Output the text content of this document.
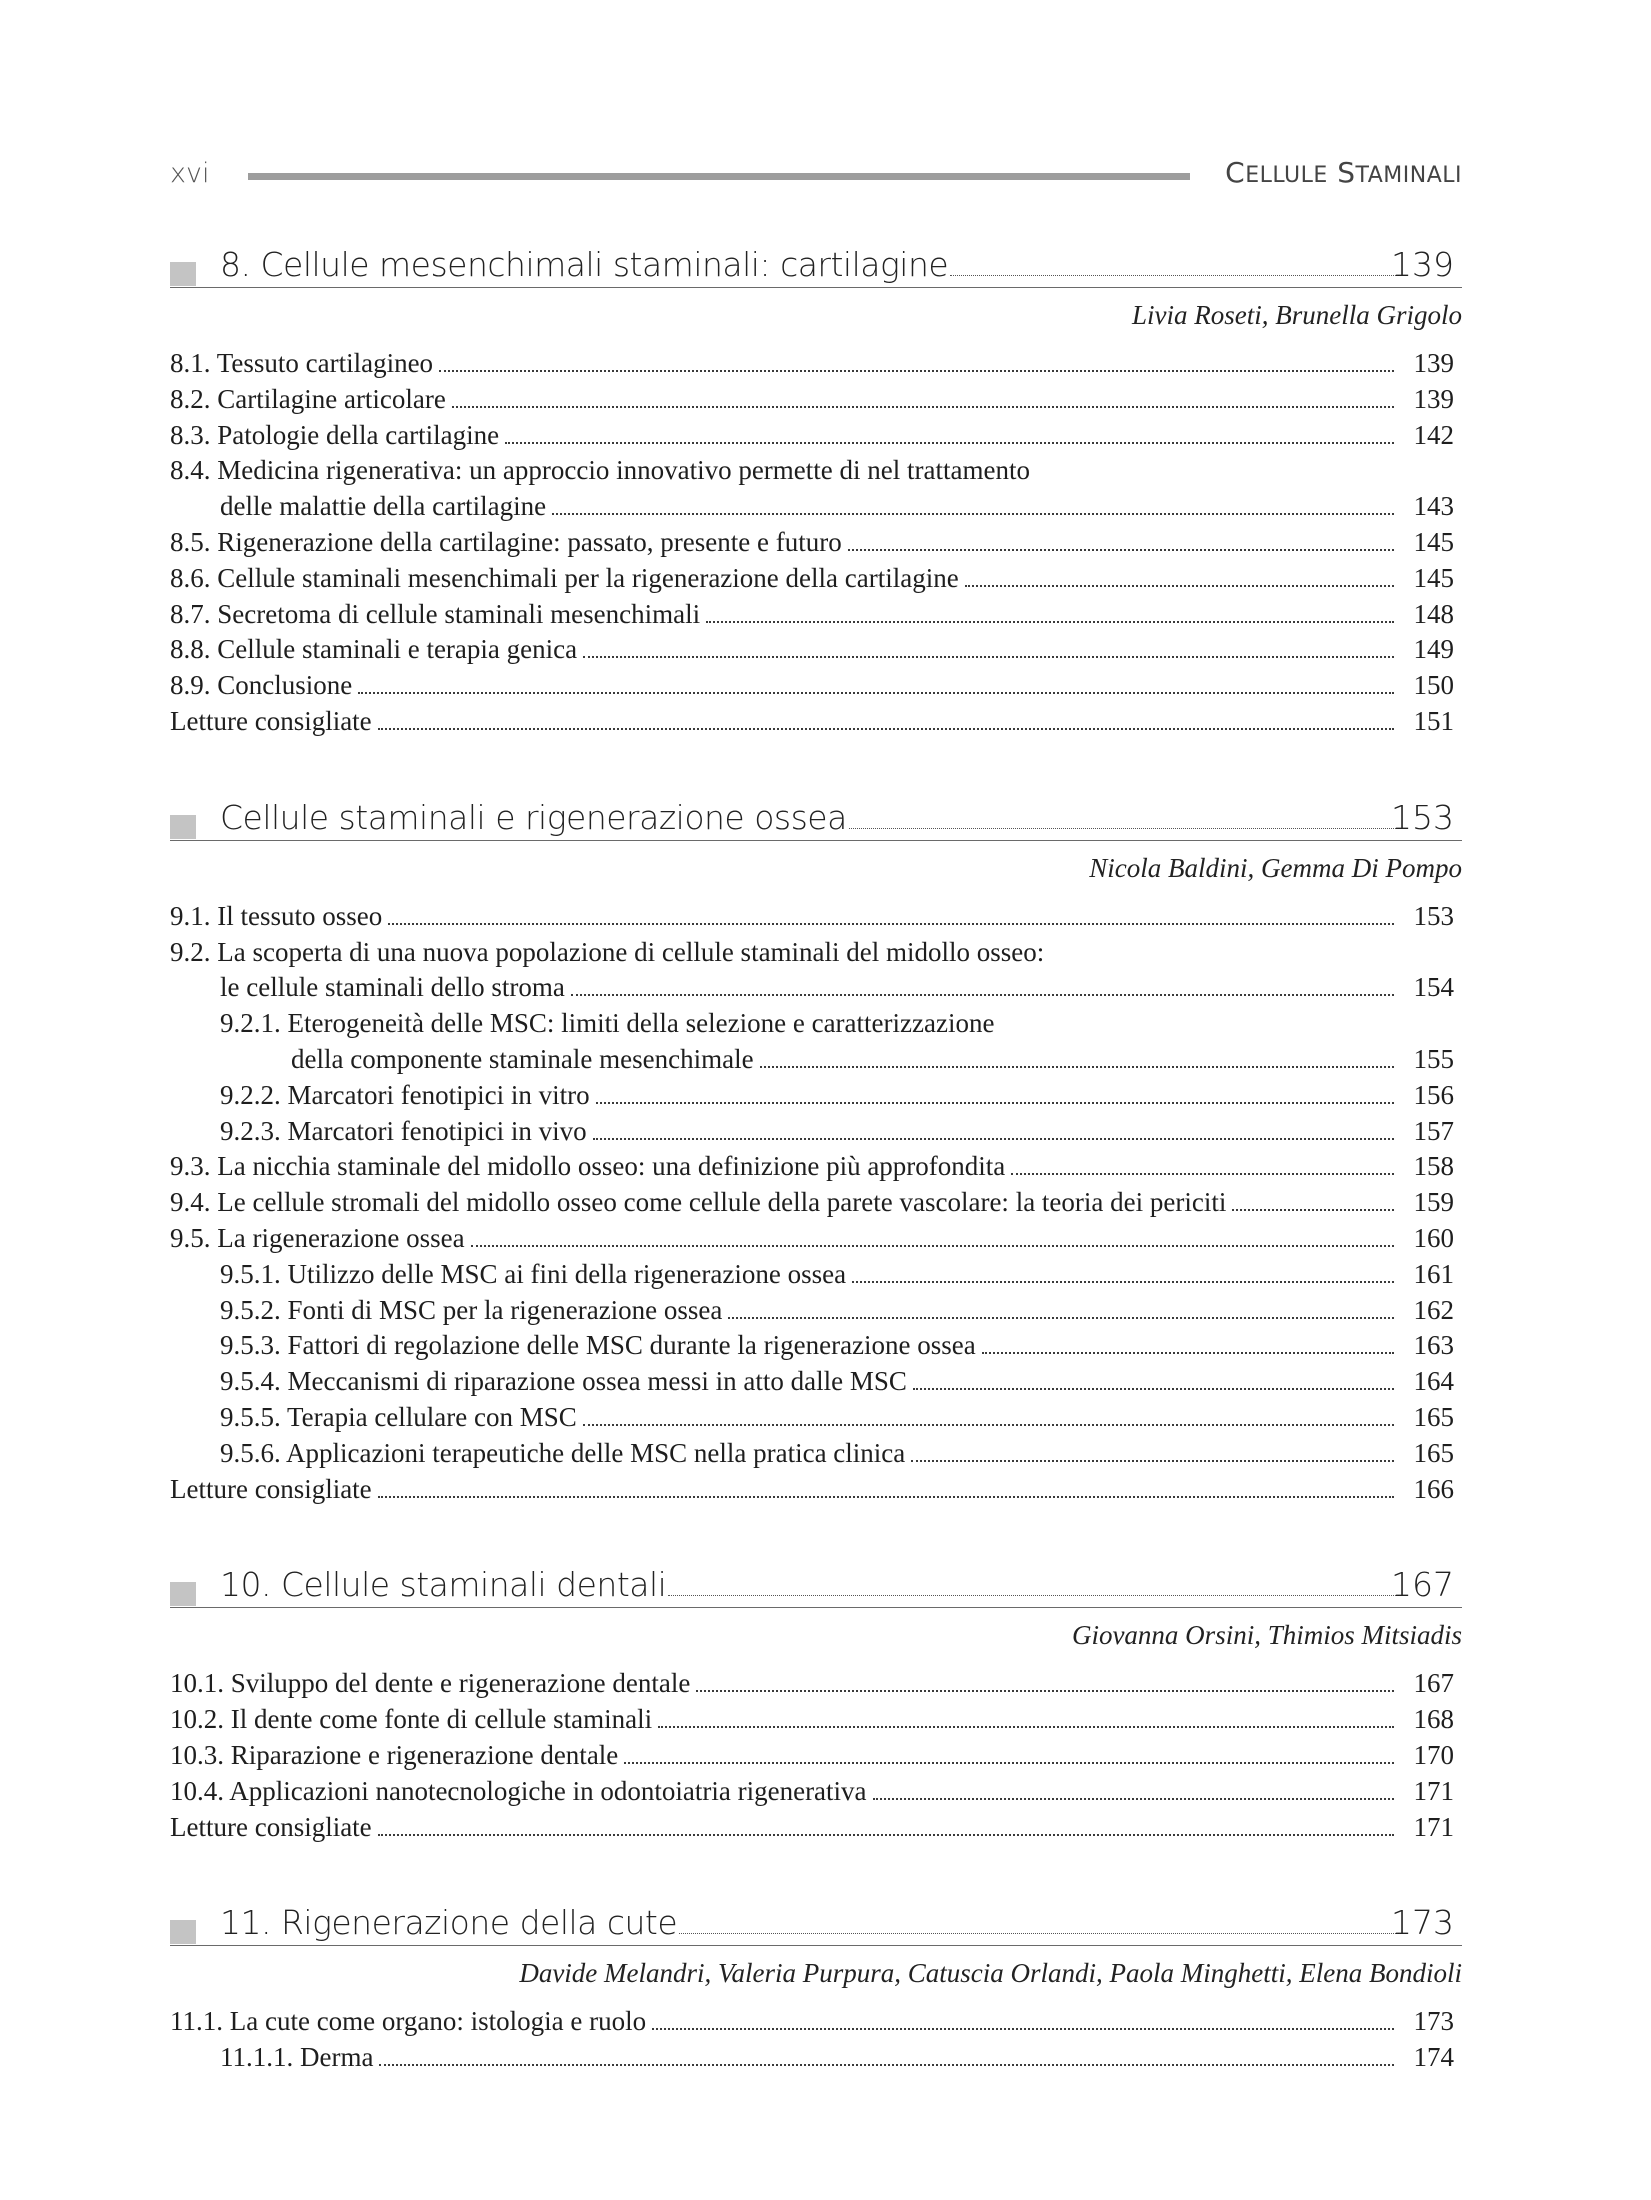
xvi	CELLULE STAMINALI
8. Cellule mesenchimali staminali: cartilagine	139
Livia Roseti, Brunella Grigolo
8.1. Tessuto cartilagineo	139
8.2. Cartilagine articolare	139
8.3. Patologie della cartilagine	142
8.4. Medicina rigenerativa: un approccio innovativo permette di nel trattamento
delle malattie della cartilagine	143
8.5. Rigenerazione della cartilagine: passato, presente e futuro	145
8.6. Cellule staminali mesenchimali per la rigenerazione della cartilagine	145
8.7. Secretoma di cellule staminali mesenchimali	148
8.8. Cellule staminali e terapia genica	149
8.9. Conclusione	150
Letture consigliate	151
Cellule staminali e rigenerazione ossea	153
Nicola Baldini, Gemma Di Pompo
9.1. Il tessuto osseo	153
9.2. La scoperta di una nuova popolazione di cellule staminali del midollo osseo:
le cellule staminali dello stroma	154
9.2.1. Eterogeneità delle MSC: limiti della selezione e caratterizzazione
della componente staminale mesenchimale	155
9.2.2. Marcatori fenotipici in vitro	156
9.2.3. Marcatori fenotipici in vivo	157
9.3. La nicchia staminale del midollo osseo: una definizione più approfondita	158
9.4. Le cellule stromali del midollo osseo come cellule della parete vascolare: la teoria dei periciti	159
9.5. La rigenerazione ossea	160
9.5.1. Utilizzo delle MSC ai fini della rigenerazione ossea	161
9.5.2. Fonti di MSC per la rigenerazione ossea	162
9.5.3. Fattori di regolazione delle MSC durante la rigenerazione ossea	163
9.5.4. Meccanismi di riparazione ossea messi in atto dalle MSC	164
9.5.5. Terapia cellulare con MSC	165
9.5.6. Applicazioni terapeutiche delle MSC nella pratica clinica	165
Letture consigliate	166
10. Cellule staminali dentali	167
Giovanna Orsini, Thimios Mitsiadis
10.1. Sviluppo del dente e rigenerazione dentale	167
10.2. Il dente come fonte di cellule staminali	168
10.3. Riparazione e rigenerazione dentale	170
10.4. Applicazioni nanotecnologiche in odontoiatria rigenerativa	171
Letture consigliate	171
11. Rigenerazione della cute	173
Davide Melandri, Valeria Purpura, Catuscia Orlandi, Paola Minghetti, Elena Bondioli
11.1. La cute come organo: istologia e ruolo	173
11.1.1. Derma	174
